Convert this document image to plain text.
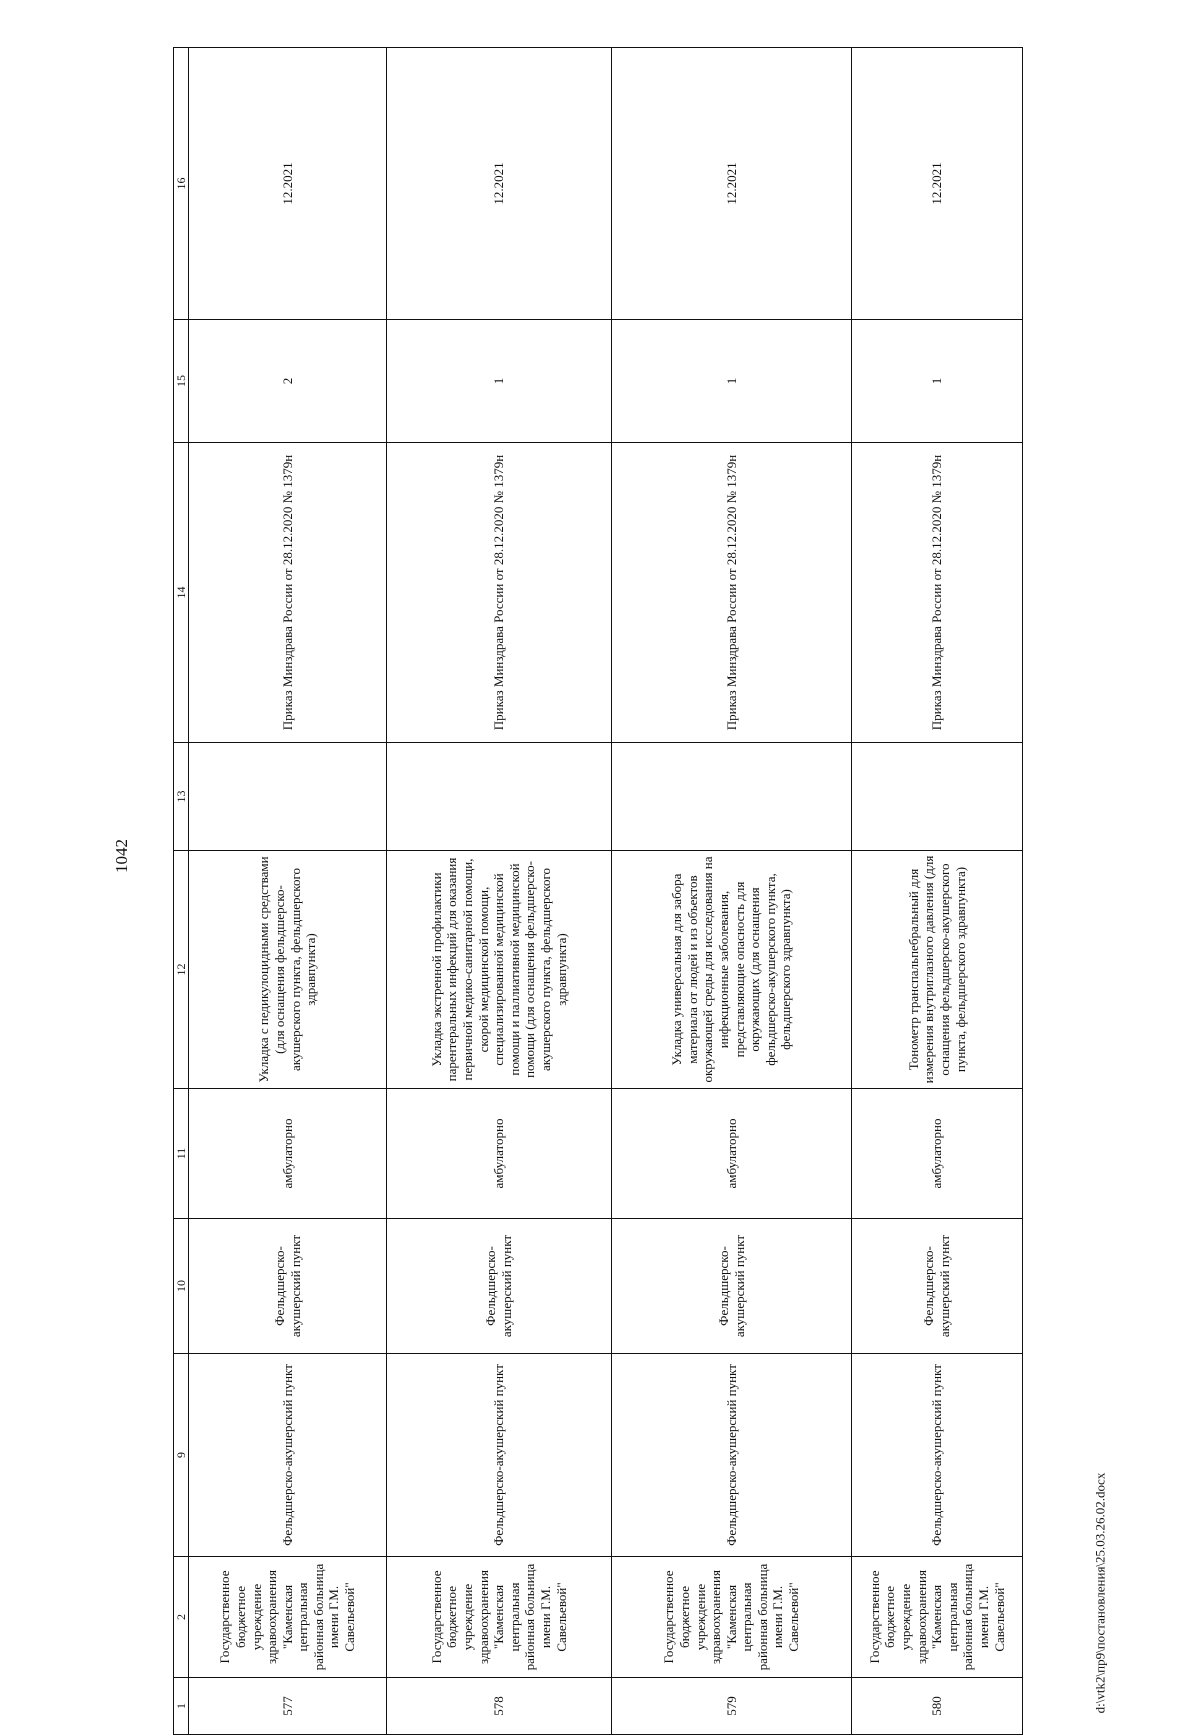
1042
1	2	9	10	11	12	13	14	15	16
577	Государственное бюджетное учреждение здравоохранения "Каменская центральная районная больница имени Г.М. Савельевой"	Фельдшерско-акушерский пункт	Фельдшерско-акушерский пункт	амбулаторно	Укладка с педикулоцидными средствами (для оснащения фельдшерско-акушерского пункта, фельдшерского здравпункта)		Приказ Минздрава России от 28.12.2020 № 1379н	2	12.2021
578	Государственное бюджетное учреждение здравоохранения "Каменская центральная районная больница имени Г.М. Савельевой"	Фельдшерско-акушерский пункт	Фельдшерско-акушерский пункт	амбулаторно	Укладка экстренной профилактики парентеральных инфекций для оказания первичной медико-санитарной помощи, скорой медицинской помощи, специализированной медицинской помощи и паллиативной медицинской помощи (для оснащения фельдшерско-акушерского пункта, фельдшерского здравпункта)		Приказ Минздрава России от 28.12.2020 № 1379н	1	12.2021
579	Государственное бюджетное учреждение здравоохранения "Каменская центральная районная больница имени Г.М. Савельевой"	Фельдшерско-акушерский пункт	Фельдшерско-акушерский пункт	амбулаторно	Укладка универсальная для забора материала от людей и из объектов окружающей среды для исследования на инфекционные заболевания, представляющие опасность для окружающих (для оснащения фельдшерско-акушерского пункта, фельдшерского здравпункта)		Приказ Минздрава России от 28.12.2020 № 1379н	1	12.2021
580	Государственное бюджетное учреждение здравоохранения "Каменская центральная районная больница имени Г.М. Савельевой"	Фельдшерско-акушерский пункт	Фельдшерско-акушерский пункт	амбулаторно	Тонометр транспальпебральный для измерения внутриглазного давления (для оснащения фельдшерско-акушерского пункта, фельдшерского здравпункта)		Приказ Минздрава России от 28.12.2020 № 1379н	1	12.2021
d:\vtk2\пр9\постановления\25.03.26.02.docx
